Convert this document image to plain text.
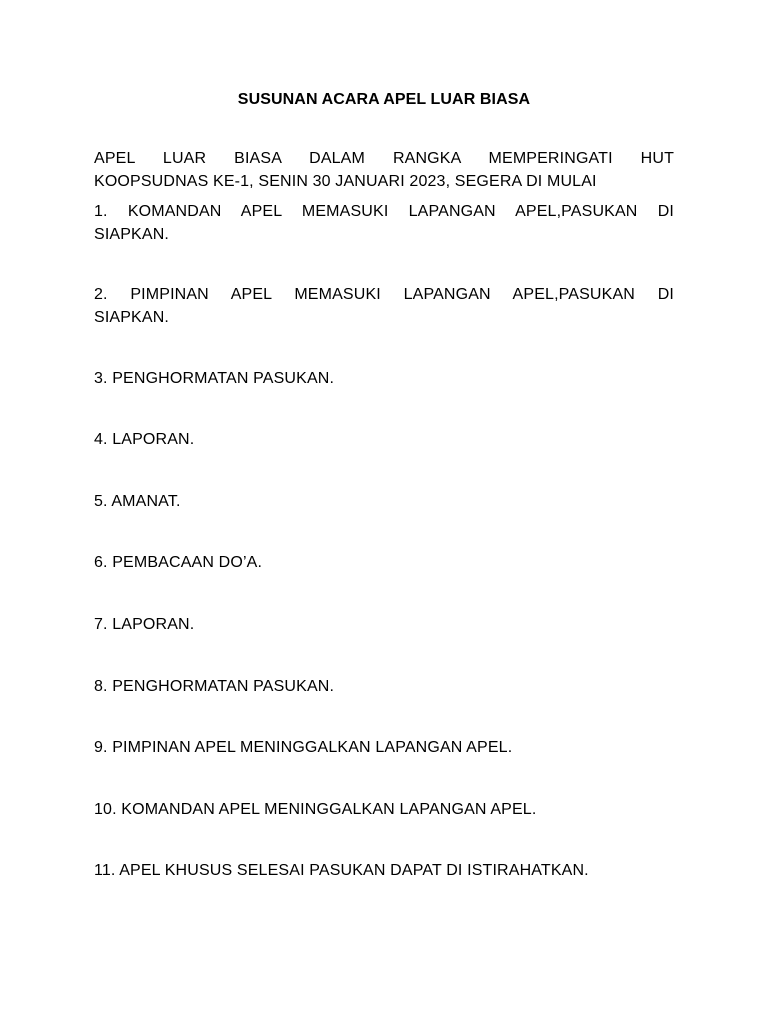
SUSUNAN ACARA APEL LUAR BIASA
APEL LUAR BIASA DALAM RANGKA MEMPERINGATI HUT
KOOPSUDNAS KE-1, SENIN 30 JANUARI 2023, SEGERA DI MULAI
1. KOMANDAN APEL MEMASUKI LAPANGAN APEL,PASUKAN DI
SIAPKAN.
2. PIMPINAN APEL MEMASUKI LAPANGAN APEL,PASUKAN DI
SIAPKAN.
3. PENGHORMATAN PASUKAN.
4. LAPORAN.
5. AMANAT.
6. PEMBACAAN DO’A.
7. LAPORAN.
8. PENGHORMATAN PASUKAN.
9. PIMPINAN APEL MENINGGALKAN LAPANGAN APEL.
10. KOMANDAN APEL MENINGGALKAN LAPANGAN APEL.
11. APEL KHUSUS SELESAI PASUKAN DAPAT DI ISTIRAHATKAN.
